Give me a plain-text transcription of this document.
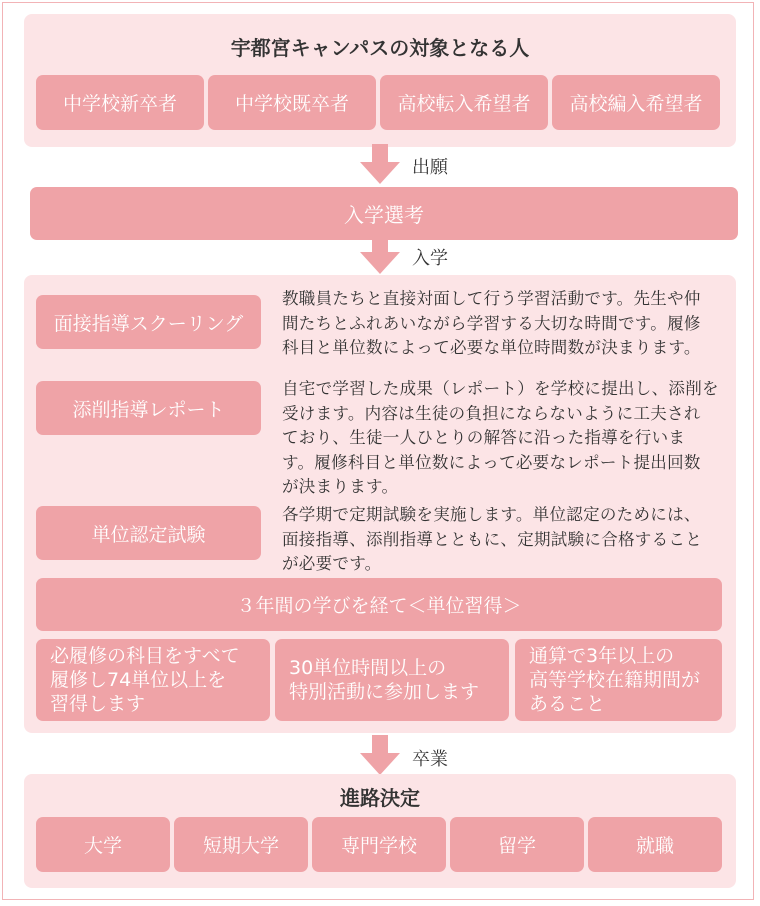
宇都宮キャンパスの対象となる人
中学校新卒者	中学校既卒者	高校転入希望者	高校編入希望者
出願
入学選考
入学
面接指導スクーリング
教職員たちと直接対面して行う学習活動です。先生や仲
間たちとふれあいながら学習する大切な時間です。履修
科目と単位数によって必要な単位時間数が決まります。
添削指導レポート
自宅で学習した成果（レポート）を学校に提出し、添削を
受けます。内容は生徒の負担にならないように工夫され
ており、生徒一人ひとりの解答に沿った指導を行いま
す。履修科目と単位数によって必要なレポート提出回数
が決まります。
単位認定試験
各学期で定期試験を実施します。単位認定のためには、
面接指導、添削指導とともに、定期試験に合格すること
が必要です。
３年間の学びを経て＜単位習得＞
必履修の科目をすべて
履修し74単位以上を
習得します
30単位時間以上の
特別活動に参加します
通算で3年以上の
高等学校在籍期間が
あること
卒業
進路決定
大学	短期大学	専門学校	留学	就職
